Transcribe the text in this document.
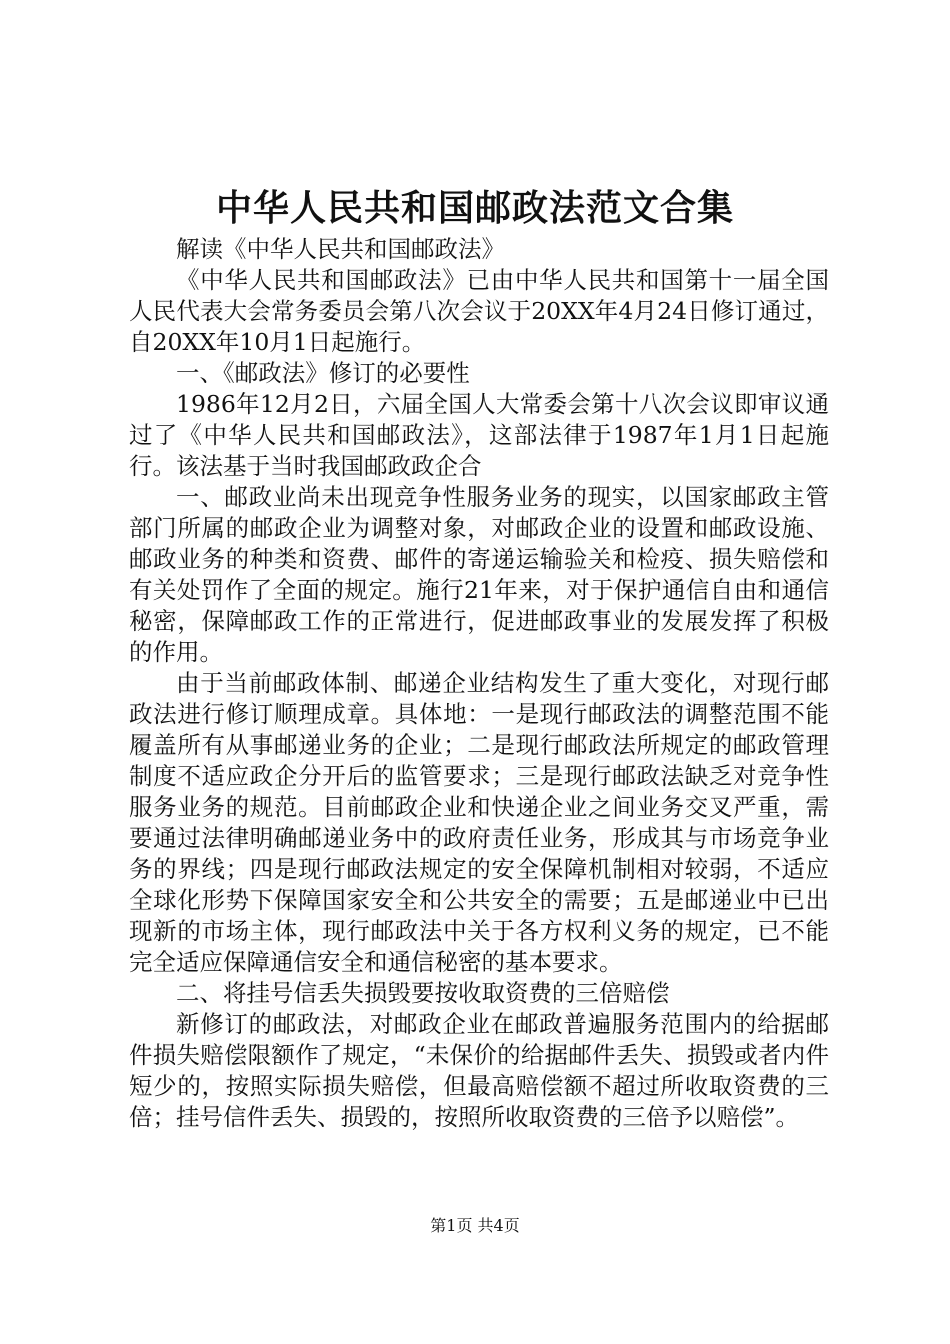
中华人民共和国邮政法范文合集

解读《中华人民共和国邮政法》

《中华人民共和国邮政法》已由中华人民共和国第十一届全国人民代表大会常务委员会第八次会议于20XX年4月24日修订通过，自20XX年10月1日起施行。

一、《邮政法》修订的必要性

1986年12月2日，六届全国人大常委会第十八次会议即审议通过了《中华人民共和国邮政法》，这部法律于1987年1月1日起施行。该法基于当时我国邮政政企合

一、邮政业尚未出现竞争性服务业务的现实，以国家邮政主管部门所属的邮政企业为调整对象，对邮政企业的设置和邮政设施、邮政业务的种类和资费、邮件的寄递运输验关和检疫、损失赔偿和有关处罚作了全面的规定。施行21年来，对于保护通信自由和通信秘密，保障邮政工作的正常进行，促进邮政事业的发展发挥了积极的作用。

由于当前邮政体制、邮递企业结构发生了重大变化，对现行邮政法进行修订顺理成章。具体地：一是现行邮政法的调整范围不能履盖所有从事邮递业务的企业；二是现行邮政法所规定的邮政管理制度不适应政企分开后的监管要求；三是现行邮政法缺乏对竞争性服务业务的规范。目前邮政企业和快递企业之间业务交叉严重，需要通过法律明确邮递业务中的政府责任业务，形成其与市场竞争业务的界线；四是现行邮政法规定的安全保障机制相对较弱，不适应全球化形势下保障国家安全和公共安全的需要；五是邮递业中已出现新的市场主体，现行邮政法中关于各方权利义务的规定，已不能完全适应保障通信安全和通信秘密的基本要求。

二、将挂号信丢失损毁要按收取资费的三倍赔偿

新修订的邮政法，对邮政企业在邮政普遍服务范围内的给据邮件损失赔偿限额作了规定，“未保价的给据邮件丢失、损毁或者内件短少的，按照实际损失赔偿，但最高赔偿额不超过所收取资费的三倍；挂号信件丢失、损毁的，按照所收取资费的三倍予以赔偿”。

第1页 共4页
